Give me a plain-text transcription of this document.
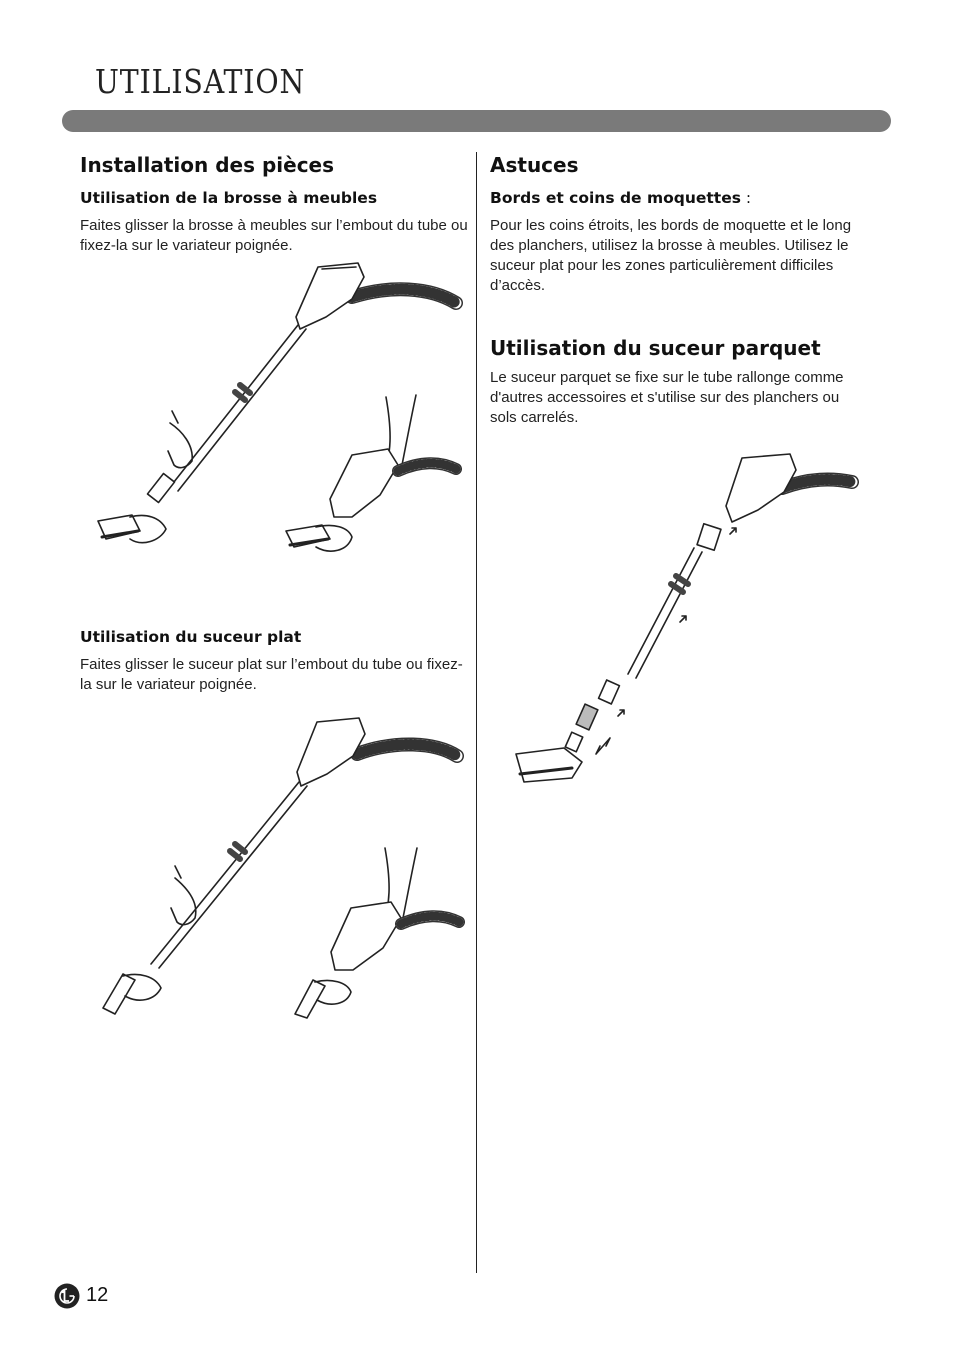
UTILISATION
Installation des pièces
Utilisation de la brosse à meubles

Faites glisser la brosse à meubles sur l’embout du tube ou fixez-la sur le variateur poignée.

Utilisation du suceur plat

Faites glisser le suceur plat sur l’embout du tube ou fixez-la sur le variateur poignée.

Astuces
Bords et coins de moquettes :

Pour les coins étroits, les bords de moquette et le long des planchers, utilisez la brosse à meubles. Utilisez le suceur plat pour les zones particulièrement difficiles d’accès.

Utilisation du suceur parquet

Le suceur parquet se fixe sur le tube rallonge comme d'autres accessoires et s'utilise sur des planchers ou sols carrelés.

12
